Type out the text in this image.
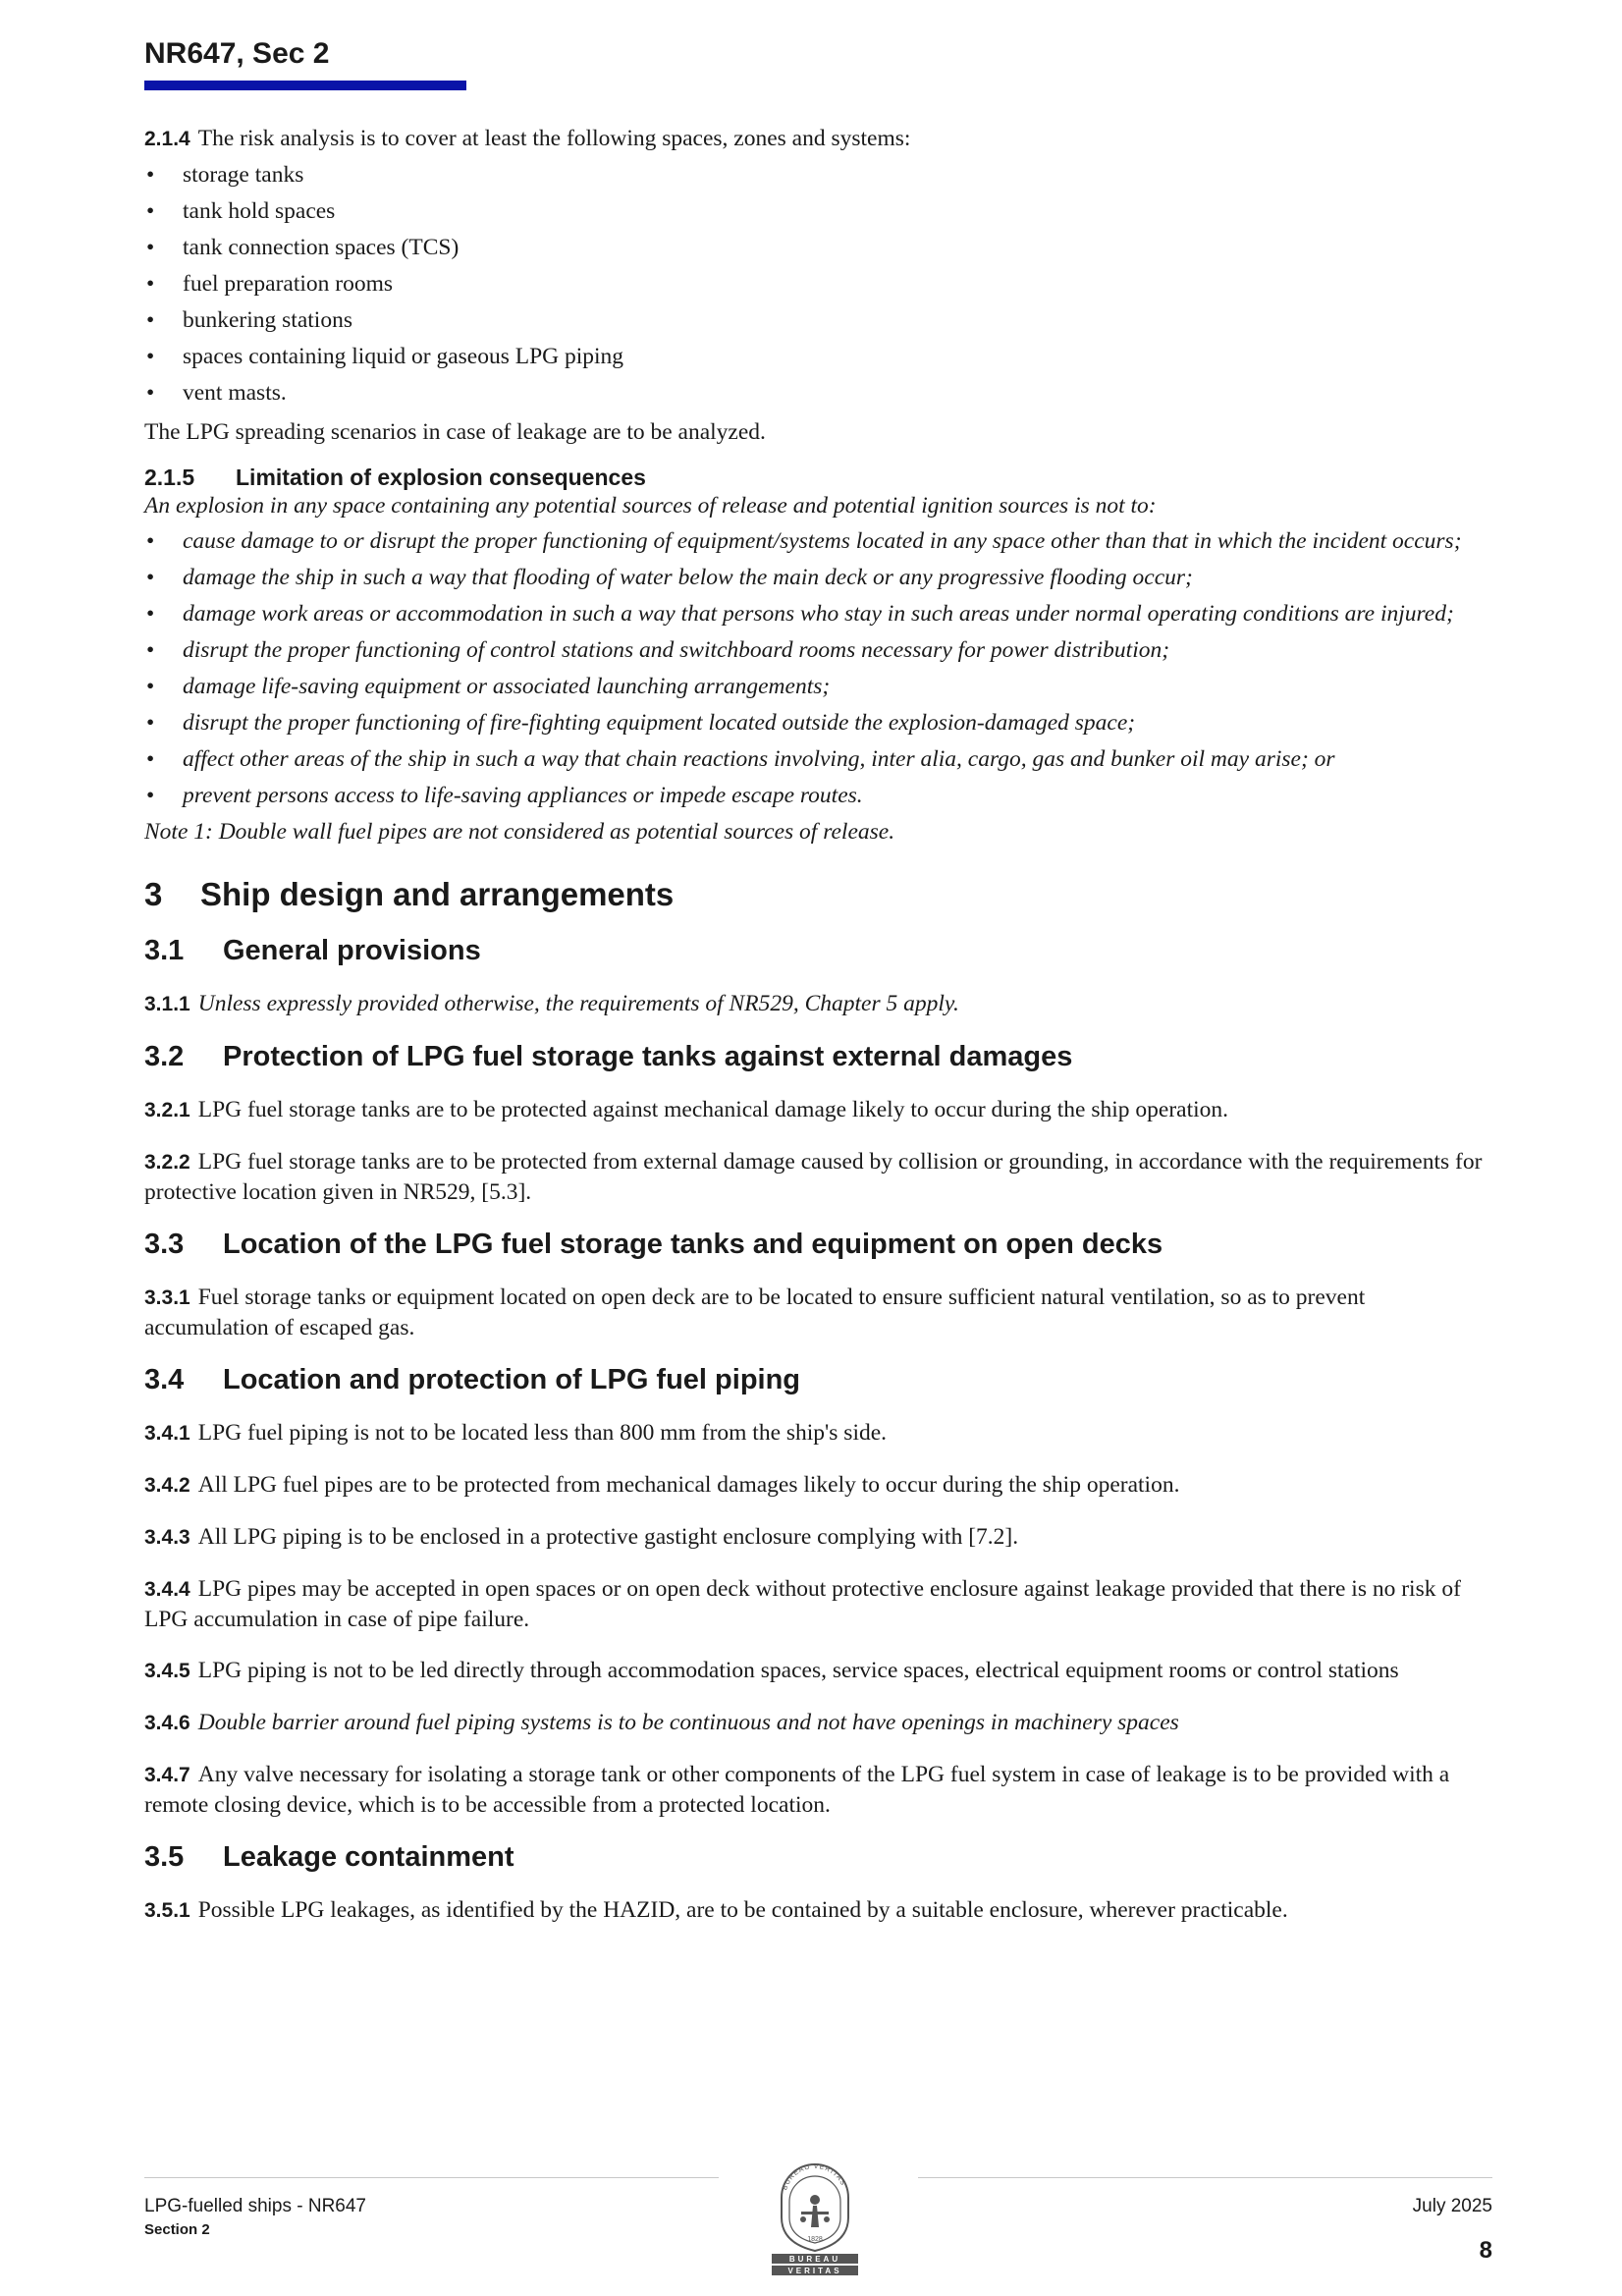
NR647, Sec 2

2.1.4 The risk analysis is to cover at least the following spaces, zones and systems:

• storage tanks
• tank hold spaces
• tank connection spaces (TCS)
• fuel preparation rooms
• bunkering stations
• spaces containing liquid or gaseous LPG piping
• vent masts.

The LPG spreading scenarios in case of leakage are to be analyzed.

2.1.5 Limitation of explosion consequences

An explosion in any space containing any potential sources of release and potential ignition sources is not to:

• cause damage to or disrupt the proper functioning of equipment/systems located in any space other than that in which the incident occurs;
• damage the ship in such a way that flooding of water below the main deck or any progressive flooding occur;
• damage work areas or accommodation in such a way that persons who stay in such areas under normal operating conditions are injured;
• disrupt the proper functioning of control stations and switchboard rooms necessary for power distribution;
• damage life-saving equipment or associated launching arrangements;
• disrupt the proper functioning of fire-fighting equipment located outside the explosion-damaged space;
• affect other areas of the ship in such a way that chain reactions involving, inter alia, cargo, gas and bunker oil may arise; or
• prevent persons access to life-saving appliances or impede escape routes.

Note 1: Double wall fuel pipes are not considered as potential sources of release.

3 Ship design and arrangements
3.1 General provisions

3.1.1 Unless expressly provided otherwise, the requirements of NR529, Chapter 5 apply.

3.2 Protection of LPG fuel storage tanks against external damages

3.2.1 LPG fuel storage tanks are to be protected against mechanical damage likely to occur during the ship operation.

3.2.2 LPG fuel storage tanks are to be protected from external damage caused by collision or grounding, in accordance with the requirements for protective location given in NR529, [5.3].

3.3 Location of the LPG fuel storage tanks and equipment on open decks

3.3.1 Fuel storage tanks or equipment located on open deck are to be located to ensure sufficient natural ventilation, so as to prevent accumulation of escaped gas.

3.4 Location and protection of LPG fuel piping

3.4.1 LPG fuel piping is not to be located less than 800 mm from the ship's side.

3.4.2 All LPG fuel pipes are to be protected from mechanical damages likely to occur during the ship operation.

3.4.3 All LPG piping is to be enclosed in a protective gastight enclosure complying with [7.2].

3.4.4 LPG pipes may be accepted in open spaces or on open deck without protective enclosure against leakage provided that there is no risk of LPG accumulation in case of pipe failure.

3.4.5 LPG piping is not to be led directly through accommodation spaces, service spaces, electrical equipment rooms or control stations

3.4.6 Double barrier around fuel piping systems is to be continuous and not have openings in machinery spaces

3.4.7 Any valve necessary for isolating a storage tank or other components of the LPG fuel system in case of leakage is to be provided with a remote closing device, which is to be accessible from a protected location.

3.5 Leakage containment

3.5.1 Possible LPG leakages, as identified by the HAZID, are to be contained by a suitable enclosure, wherever practicable.

LPG-fuelled ships - NR647
Section 2
July 2025
8
BUREAU VERITAS
1828
BUREAU
VERITAS
